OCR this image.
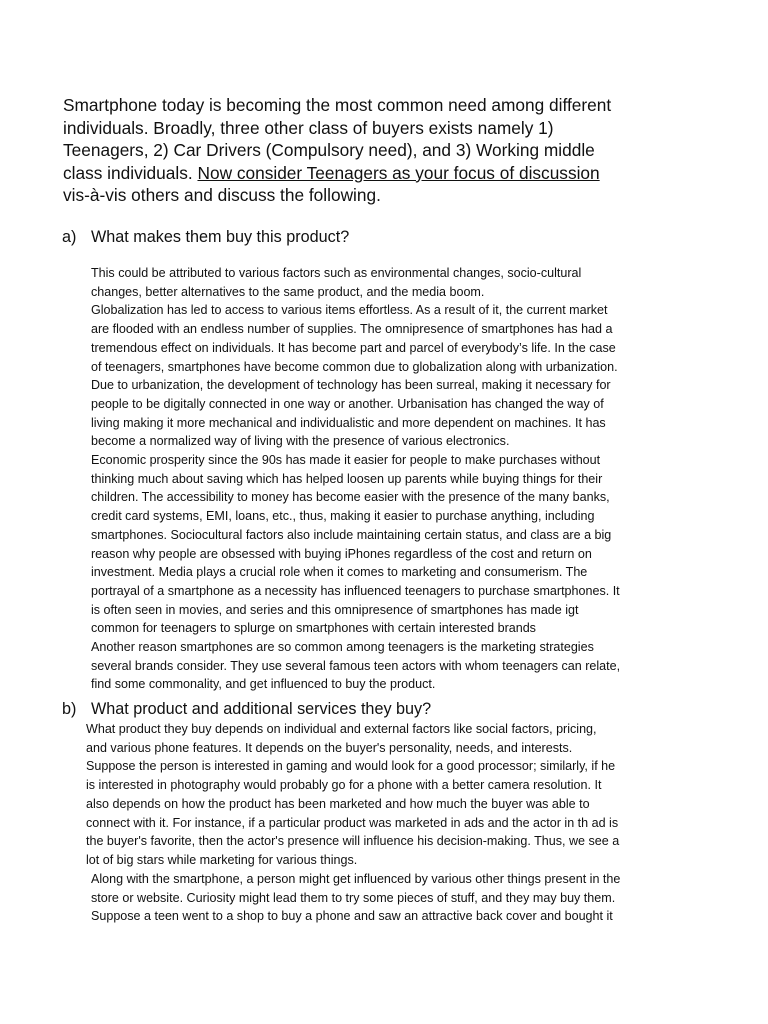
Smartphone today is becoming the most common need among different
individuals. Broadly, three other class of buyers exists namely 1)
Teenagers, 2) Car Drivers (Compulsory need), and 3) Working middle
class individuals. Now consider Teenagers as your focus of discussion
vis-à-vis others and discuss the following.
a) What makes them buy this product?
This could be attributed to various factors such as environmental changes, socio-cultural
changes, better alternatives to the same product, and the media boom.
Globalization has led to access to various items effortless. As a result of it, the current market
are flooded with an endless number of supplies. The omnipresence of smartphones has had a
tremendous effect on individuals. It has become part and parcel of everybody’s life. In the case
of teenagers, smartphones have become common due to globalization along with urbanization.
Due to urbanization, the development of technology has been surreal, making it necessary for
people to be digitally connected in one way or another. Urbanisation has changed the way of
living making it more mechanical and individualistic and more dependent on machines. It has
become a normalized way of living with the presence of various electronics.
Economic prosperity since the 90s has made it easier for people to make purchases without
thinking much about saving which has helped loosen up parents while buying things for their
children. The accessibility to money has become easier with the presence of the many banks,
credit card systems, EMI, loans, etc., thus, making it easier to purchase anything, including
smartphones. Sociocultural factors also include maintaining certain status, and class are a big
reason why people are obsessed with buying iPhones regardless of the cost and return on
investment. Media plays a crucial role when it comes to marketing and consumerism. The
portrayal of a smartphone as a necessity has influenced teenagers to purchase smartphones. It
is often seen in movies, and series and this omnipresence of smartphones has made igt
common for teenagers to splurge on smartphones with certain interested brands
Another reason smartphones are so common among teenagers is the marketing strategies
several brands consider. They use several famous teen actors with whom teenagers can relate,
find some commonality, and get influenced to buy the product.
b) What product and additional services they buy?
What product they buy depends on individual and external factors like social factors, pricing,
and various phone features. It depends on the buyer's personality, needs, and interests.
Suppose the person is interested in gaming and would look for a good processor; similarly, if he
is interested in photography would probably go for a phone with a better camera resolution. It
also depends on how the product has been marketed and how much the buyer was able to
connect with it. For instance, if a particular product was marketed in ads and the actor in th ad is
the buyer's favorite, then the actor's presence will influence his decision-making. Thus, we see a
lot of big stars while marketing for various things.
Along with the smartphone, a person might get influenced by various other things present in the
store or website. Curiosity might lead them to try some pieces of stuff, and they may buy them.
Suppose a teen went to a shop to buy a phone and saw an attractive back cover and bought it
